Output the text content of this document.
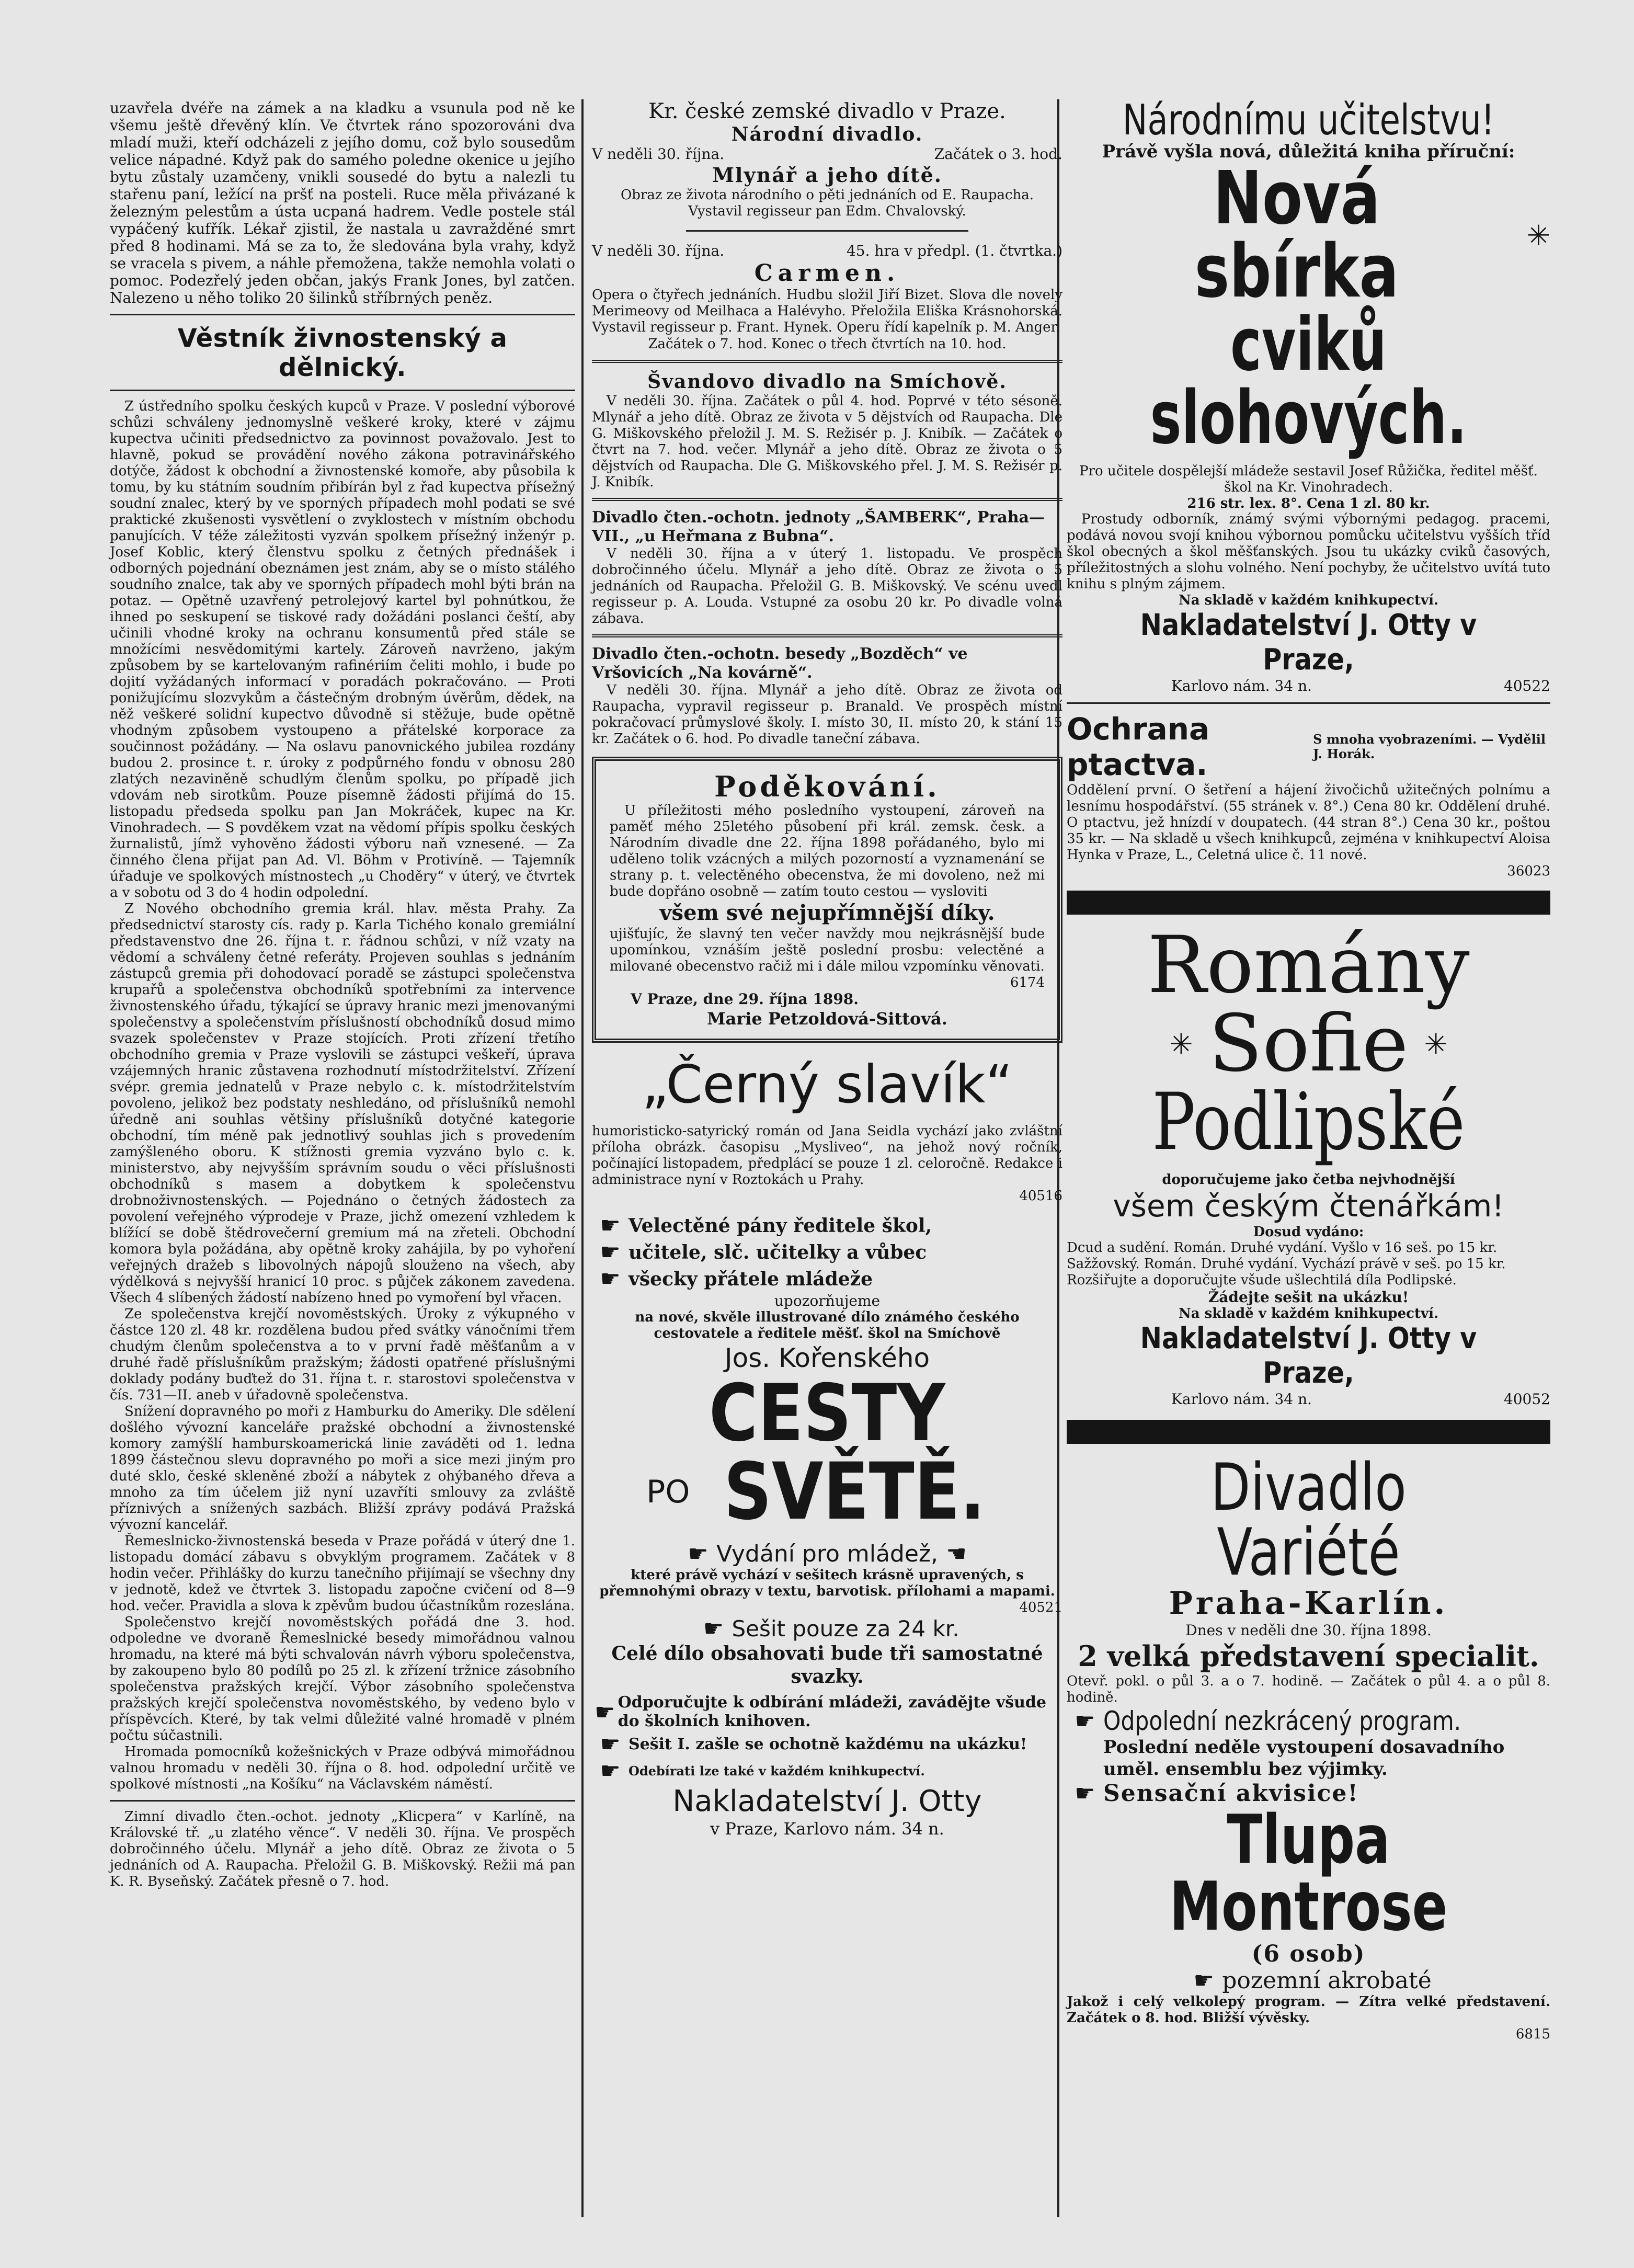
uzavřela dvéře na zámek a na kladku a vsunula pod ně ke všemu ještě dřevěný klín. Ve čtvrtek ráno spozorováni dva mladí muži, kteří odcházeli z jejího domu, což bylo sousedům velice nápadné. Když pak do samého poledne okenice u jejího bytu zůstaly uzamčeny, vnikli sousedé do bytu a nalezli tu stařenu paní, ležící na pršť na posteli. Ruce měla přivázané k železným pelestům a ústa ucpaná hadrem. Vedle postele stál vypáčený kufřík. Lékař zjistil, že nastala u zavražděné smrt před 8 hodinami. Má se za to, že sledována byla vrahy, když se vracela s pivem, a náhle přemožena, takže nemohla volati o pomoc. Podezřelý jeden občan, jakýs Frank Jones, byl zatčen. Nalezeno u něho toliko 20 šilinků stříbrných peněz.

Věstník živnostenský a dělnický.

Z ústředního spolku českých kupců v Praze. V poslední výborové schůzi schváleny jednomyslně veškeré kroky, které v zájmu kupectva učiniti předsednictvo za povinnost považovalo. Jest to hlavně, pokud se provádění nového zákona potravinářského dotýče, žádost k obchodní a živnostenské komoře, aby působila k tomu, by ku státním soudním přibírán byl z řad kupectva přísežný soudní znalec, který by ve sporných případech mohl podati se své praktické zkušenosti vysvětlení o zvyklostech v místním obchodu panujících. V téže záležitosti vyzván spolkem přísežný inženýr p. Josef Koblic, který členstvu spolku z četných přednášek i odborných pojednání obeznámen jest znám, aby se o místo stálého soudního znalce, tak aby ve sporných případech mohl býti brán na potaz. — Opětně uzavřený petrolejový kartel byl pohnútkou, že ihned po seskupení se tiskové rady dožádáni poslanci čeští, aby učinili vhodné kroky na ochranu konsumentů před stále se množícími nesvědomitými kartely. Zároveň navrženo, jakým způsobem by se kartelovaným rafinériím čeliti mohlo, i bude po dojití vyžádaných informací v poradách pokračováno. — Proti ponižujícímu slozvykům a částečným drobným úvěrům, dědek, na něž veškeré solidní kupectvo důvodně si stěžuje, bude opětně vhodným způsobem vystoupeno a přátelské korporace za součinnost požádány. — Na oslavu panovnického jubilea rozdány budou 2. prosince t. r. úroky z podpůrného fondu v obnosu 280 zlatých nezaviněně schudlým členům spolku, po případě jich vdovám neb sirotkům. Pouze písemně žádosti přijímá do 15. listopadu předseda spolku pan Jan Mokráček, kupec na Kr. Vinohradech. — S povděkem vzat na vědomí přípis spolku českých žurnalistů, jímž vyhověno žádosti výboru naň vznesené. — Za činného člena přijat pan Ad. Vl. Böhm v Protivíně. — Tajemník úřaduje ve spolkových místnostech „u Choděry“ v úterý, ve čtvrtek a v sobotu od 3 do 4 hodin odpolední.

Z Nového obchodního gremia král. hlav. města Prahy. Za předsednictví starosty cís. rady p. Karla Tichého konalo gremiální představenstvo dne 26. října t. r. řádnou schůzi, v níž vzaty na vědomí a schváleny četné referáty. Projeven souhlas s jednáním zástupců gremia při dohodovací poradě se zástupci společenstva krupařů a společenstva obchodníků spotřebními za intervence živnostenského úřadu, týkající se úpravy hranic mezi jmenovanými společenstvy a společenstvím příslušností obchodníků dosud mimo svazek společenstev v Praze stojících. Proti zřízení třetího obchodního gremia v Praze vyslovili se zástupci veškeří, úprava vzájemných hranic zůstavena rozhodnutí místodržitelství. Zřízení svépr. gremia jednatelů v Praze nebylo c. k. místodržitelstvím povoleno, jelikož bez podstaty neshledáno, od příslušníků nemohl úředně ani souhlas většiny příslušníků dotyčné kategorie obchodní, tím méně pak jednotlivý souhlas jich s provedením zamýšleného oboru. K stížnosti gremia vyzváno bylo c. k. ministerstvo, aby nejvyšším správním soudu o věci příslušnosti obchodníků s masem a dobytkem k společenstvu drobnoživnostenských. — Pojednáno o četných žádostech za povolení veřejného výprodeje v Praze, jichž omezení vzhledem k blížící se době štědrovečerní gremium má na zřeteli. Obchodní komora byla požádána, aby opětně kroky zahájila, by po vyhoření veřejných dražeb s libovolných nápojů slouženo na všech, aby výdělková s nejvyšší hranicí 10 proc. s půjček zákonem zavedena. Všech 4 slíbených žádostí nabízeno hned po vymoření byl vřacen.

Ze společenstva krejčí novoměstských. Úroky z výkupného v částce 120 zl. 48 kr. rozdělena budou před svátky vánočními třem chudým členům společenstva a to v první řadě měšťanům a v druhé řadě příslušníkům pražským; žádosti opatřené příslušnými doklady podány buďtež do 31. října t. r. starostovi společenstva v čís. 731—II. aneb v úřadovně společenstva.

Snížení dopravného po moři z Hamburku do Ameriky. Dle sdělení došlého vývozní kanceláře pražské obchodní a živnostenské komory zamýšlí hamburskoamerická linie zaváděti od 1. ledna 1899 částečnou slevu dopravného po moři a sice mezi jiným pro duté sklo, české skleněné zboží a nábytek z ohýbaného dřeva a mnoho za tím účelem již nyní uzavříti smlouvy za zvláště příznivých a snížených sazbách. Bližší zprávy podává Pražská vývozní kancelář.

Řemeslnicko-živnostenská beseda v Praze pořádá v úterý dne 1. listopadu domácí zábavu s obvyklým programem. Začátek v 8 hodin večer. Přihlášky do kurzu tanečního přijímají se všechny dny v jednotě, kdež ve čtvrtek 3. listopadu započne cvičení od 8—9 hod. večer. Pravidla a slova k zpěvům budou účastníkům rozeslána.

Společenstvo krejčí novoměstských pořádá dne 3. hod. odpoledne ve dvoraně Řemeslnické besedy mimořádnou valnou hromadu, na které má býti schvalován návrh výboru společenstva, by zakoupeno bylo 80 podílů po 25 zl. k zřízení tržnice zásobního společenstva pražských krejčí. Výbor zásobního společenstva pražských krejčí společenstva novoměstského, by vedeno bylo v příspěvcích. Které, by tak velmi důležité valné hromadě v plném počtu súčastnili.

Hromada pomocníků kožešnických v Praze odbývá mimořádnou valnou hromadu v neděli 30. října o 8. hod. odpolední určitě ve spolkové místnosti „na Košíku“ na Václavském náměstí.

Zimní divadlo čten.-ochot. jednoty „Klicpera“ v Karlíně, na Královské tř. „u zlatého věnce“. V neděli 30. října. Ve prospěch dobročinného účelu. Mlynář a jeho dítě. Obraz ze života o 5 jednáních od A. Raupacha. Přeložil G. B. Miškovský. Režii má pan K. R. Byseňský. Začátek přesně o 7. hod.

Kr. české zemské divadlo v Praze.
Národní divadlo.
V neděli 30. října.	Začátek o 3. hod.
Mlynář a jeho dítě.

Obraz ze života národního o pěti jednáních od E. Raupacha. Vystavil regisseur pan Edm. Chvalovský.

V neděli 30. října.	45. hra v předpl. (1. čtvrtka.)
Carmen.

Opera o čtyřech jednáních. Hudbu složil Jiří Bizet. Slova dle novely Merimeovy od Meilhaca a Halévyho. Přeložila Eliška Krásnohorská. Vystavil regisseur p. Frant. Hynek. Operu řídí kapelník p. M. Anger.

Začátek o 7. hod. Konec o třech čtvrtích na 10. hod.
Švandovo divadlo na Smíchově.

V neděli 30. října. Začátek o půl 4. hod. Poprvé v této sésoně. Mlynář a jeho dítě. Obraz ze života v 5 dějstvích od Raupacha. Dle G. Miškovského přeložil J. M. S. Režisér p. J. Knibík. — Začátek o čtvrt na 7. hod. večer. Mlynář a jeho dítě. Obraz ze života o 5 dějstvích od Raupacha. Dle G. Miškovského přel. J. M. S. Režisér p. J. Knibík.

Divadlo čten.-ochotn. jednoty „ŠAMBERK“, Praha—VII., „u Heřmana z Bubna“.

V neděli 30. října a v úterý 1. listopadu. Ve prospěch dobročinného účelu. Mlynář a jeho dítě. Obraz ze života o 5 jednáních od Raupacha. Přeložil G. B. Miškovský. Ve scénu uvedl regisseur p. A. Louda. Vstupné za osobu 20 kr. Po divadle volná zábava.

Divadlo čten.-ochotn. besedy „Bozděch“ ve Vršovicích „Na kovárně“.

V neděli 30. října. Mlynář a jeho dítě. Obraz ze života od Raupacha, vypravil regisseur p. Branald. Ve prospěch místní pokračovací průmyslové školy. I. místo 30, II. místo 20, k stání 15 kr. Začátek o 6. hod. Po divadle taneční zábava.

Poděkování.

U příležitosti mého posledního vystoupení, zároveň na paměť mého 25letého působení při král. zemsk. česk. a Národním divadle dne 22. října 1898 pořádaného, bylo mi uděleno tolik vzácných a milých pozorností a vyznamenání se strany p. t. velectěného obecenstva, že mi dovoleno, než mi bude dopřáno osobně — zatím touto cestou — vysloviti

všem své nejupřímnější díky.

ujišťujíc, že slavný ten večer navždy mou nejkrásnější bude upomínkou, vznáším ještě poslední prosbu: velectěné a milované obecenstvo račiž mi i dále milou vzpomínku věnovati.

6174
V Praze, dne 29. října 1898.
Marie Petzoldová-Sittová.
„Černý slavík“

humoristicko-satyrický román od Jana Seidla vychází jako zvláštní příloha obrázk. časopisu „Mysliveo“, na jehož nový ročník, počínající listopadem, předplácí se pouze 1 zl. celoročně. Redakce i administrace nyní v Roztokách u Prahy.

40516
☛ Velectěné pány ředitele škol,
☛ učitele, slč. učitelky a vůbec
☛ všecky přátele mládeže
upozorňujeme

na nové, skvěle illustrované dílo známého českého cestovatele a ředitele měšť. škol na Smíchově

Jos. Kořenského
CESTY
PO SVĚTĚ.
☛ Vydání pro mládež, ☚

které právě vychází v sešitech krásně upravených, s přemnohými obrazy v textu, barvotisk. přílohami a mapami.

40521
☛ Sešit pouze za 24 kr.
Celé dílo obsahovati bude tři samostatné svazky.
☛ Odporučujte k odbírání mládeži, zavádějte všude do školních knihoven.
☛ Sešit I. zašle se ochotně každému na ukázku!
☛ Odebírati lze také v každém knihkupectví.
Nakladatelství J. Otty
v Praze, Karlovo nám. 34 n.
Národnímu učitelstvu!
Právě vyšla nová, důležitá kniha příruční:
Nová sbírka	✳
cviků slohových.

Pro učitele dospělejší mládeže sestavil Josef Růžička, ředitel měšť. škol na Kr. Vinohradech.

216 str. lex. 8°. Cena 1 zl. 80 kr.

Prostudy odborník, známý svými výbornými pedagog. pracemi, podává novou svojí knihou výbornou pomůcku učitelstvu vyšších tříd škol obecných a škol měšťanských. Jsou tu ukázky cviků časových, příležitostných a slohu volného. Není pochyby, že učitelstvo uvítá tuto knihu s plným zájmem.

Na skladě v každém knihkupectví.
Nakladatelství J. Otty v Praze,
Karlovo nám. 34 n.	40522
Ochrana ptactva.
S mnoha vyobrazeními. — Vydělil J. Horák.

Oddělení první. O šetření a hájení živočichů užitečných polnímu a lesnímu hospodářství. (55 stránek v. 8°.) Cena 80 kr. Oddělení druhé. O ptactvu, jež hnízdí v doupatech. (44 stran 8°.) Cena 30 kr., poštou 35 kr. — Na skladě u všech knihkupců, zejména v knihkupectví Aloisa Hynka v Praze, L., Celetná ulice č. 11 nové.

36023
Romány
✳ Sofie ✳
Podlipské
doporučujeme jako četba nejvhodnější
všem českým čtenářkám!
Dosud vydáno:

Dcud a sudění. Román. Druhé vydání. Vyšlo v 16 seš. po 15 kr.

Sažžovský. Román. Druhé vydání. Vychází právě v seš. po 15 kr.

Rozšiřujte a doporučujte všude ušlechtilá díla Podlipské.

Žádejte sešit na ukázku!
Na skladě v každém knihkupectví.
Nakladatelství J. Otty v Praze,
Karlovo nám. 34 n.	40052
Divadlo Variété
Praha-Karlín.
Dnes v neděli dne 30. října 1898.
2 velká představení specialit.

Otevř. pokl. o půl 3. a o 7. hodině. — Začátek o půl 4. a o půl 8. hodině.

☛ Odpolední nezkrácený program.
Poslední neděle vystoupení dosavadního uměl. ensemblu bez výjimky.
☛ Sensační akvisice!
Tlupa Montrose
(6 osob)
☛ pozemní akrobaté

Jakož i celý velkolepý program. — Zítra velké představení. Začátek o 8. hod. Bližší vývěsky.

6815
